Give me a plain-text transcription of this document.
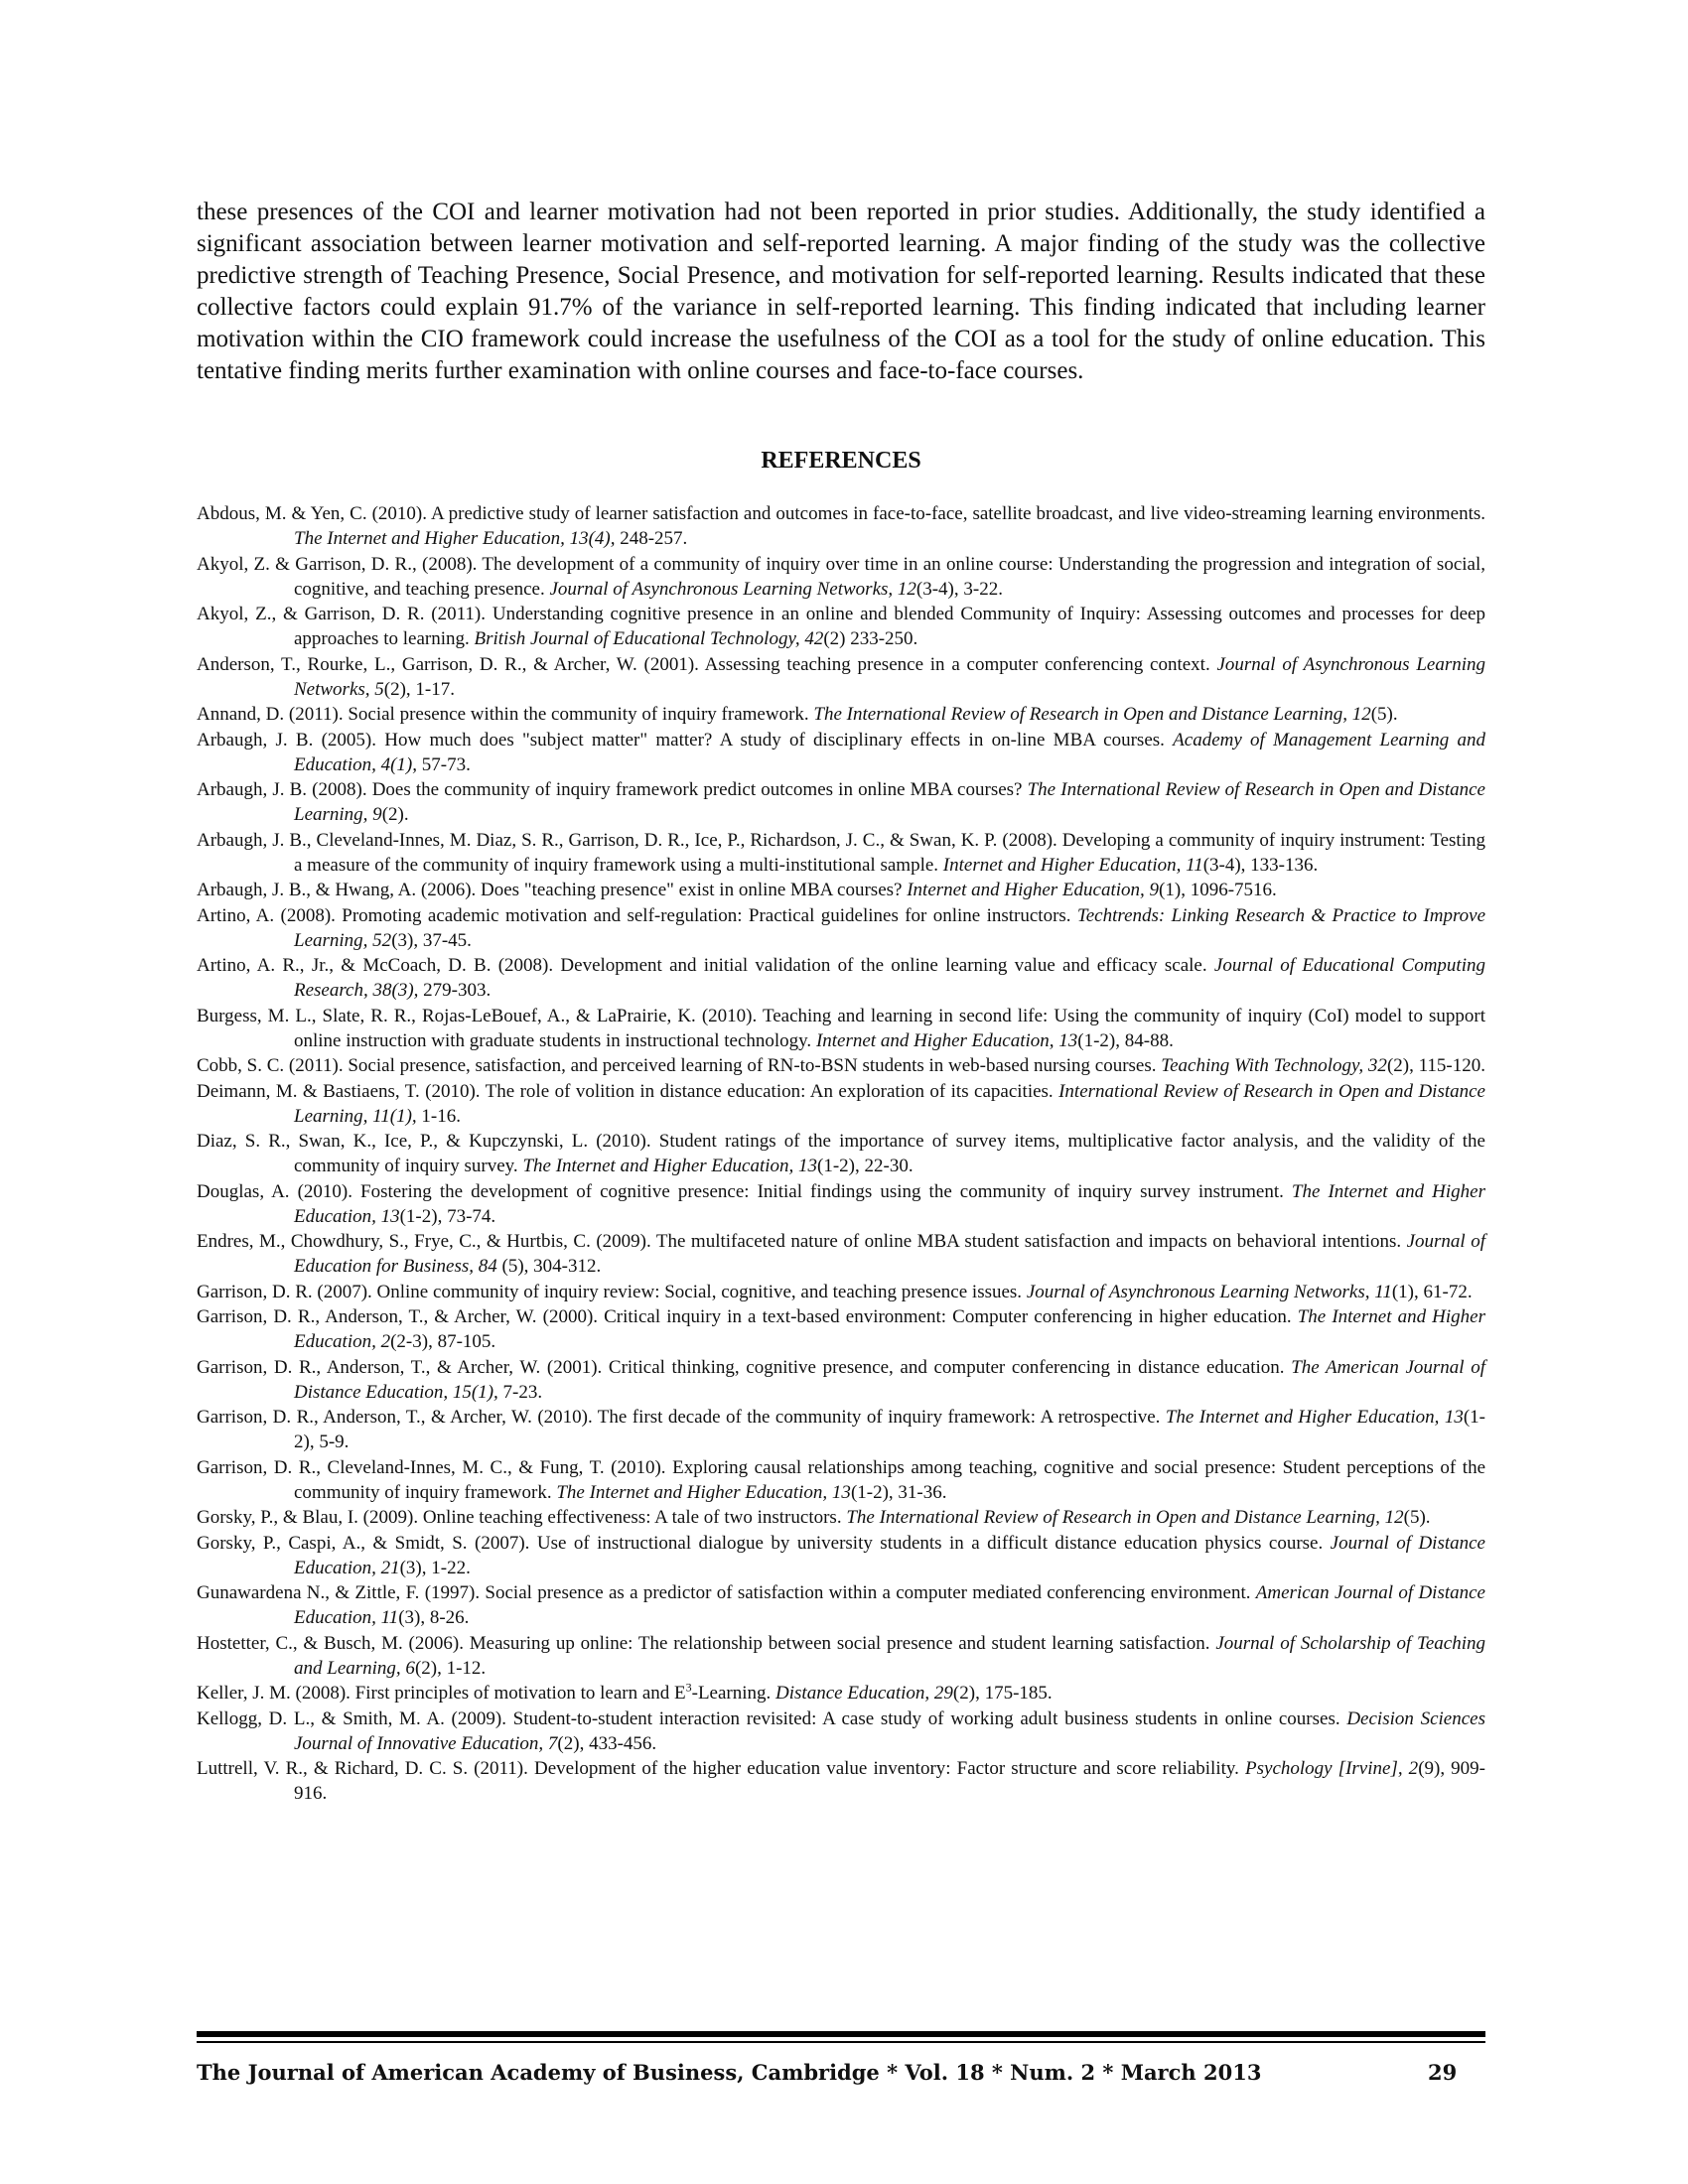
these presences of the COI and learner motivation had not been reported in prior studies. Additionally, the study identified a significant association between learner motivation and self-reported learning. A major finding of the study was the collective predictive strength of Teaching Presence, Social Presence, and motivation for self-reported learning. Results indicated that these collective factors could explain 91.7% of the variance in self-reported learning. This finding indicated that including learner motivation within the CIO framework could increase the usefulness of the COI as a tool for the study of online education. This tentative finding merits further examination with online courses and face-to-face courses.

REFERENCES
Abdous, M. & Yen, C. (2010). A predictive study of learner satisfaction and outcomes in face-to-face, satellite broadcast, and live video-streaming learning environments. The Internet and Higher Education, 13(4), 248-257.
Akyol, Z. & Garrison, D. R., (2008). The development of a community of inquiry over time in an online course: Understanding the progression and integration of social, cognitive, and teaching presence. Journal of Asynchronous Learning Networks, 12(3-4), 3-22.
Akyol, Z., & Garrison, D. R. (2011). Understanding cognitive presence in an online and blended Community of Inquiry: Assessing outcomes and processes for deep approaches to learning. British Journal of Educational Technology, 42(2) 233-250.
Anderson, T., Rourke, L., Garrison, D. R., & Archer, W. (2001). Assessing teaching presence in a computer conferencing context. Journal of Asynchronous Learning Networks, 5(2), 1-17.
Annand, D. (2011). Social presence within the community of inquiry framework. The International Review of Research in Open and Distance Learning, 12(5).
Arbaugh, J. B. (2005). How much does "subject matter" matter? A study of disciplinary effects in on-line MBA courses. Academy of Management Learning and Education, 4(1), 57-73.
Arbaugh, J. B. (2008). Does the community of inquiry framework predict outcomes in online MBA courses? The International Review of Research in Open and Distance Learning, 9(2).
Arbaugh, J. B., Cleveland-Innes, M. Diaz, S. R., Garrison, D. R., Ice, P., Richardson, J. C., & Swan, K. P. (2008). Developing a community of inquiry instrument: Testing a measure of the community of inquiry framework using a multi-institutional sample. Internet and Higher Education, 11(3-4), 133-136.
Arbaugh, J. B., & Hwang, A. (2006). Does "teaching presence" exist in online MBA courses? Internet and Higher Education, 9(1), 1096-7516.
Artino, A. (2008). Promoting academic motivation and self-regulation: Practical guidelines for online instructors. Techtrends: Linking Research & Practice to Improve Learning, 52(3), 37-45.
Artino, A. R., Jr., & McCoach, D. B. (2008). Development and initial validation of the online learning value and efficacy scale. Journal of Educational Computing Research, 38(3), 279-303.
Burgess, M. L., Slate, R. R., Rojas-LeBouef, A., & LaPrairie, K. (2010). Teaching and learning in second life: Using the community of inquiry (CoI) model to support online instruction with graduate students in instructional technology. Internet and Higher Education, 13(1-2), 84-88.
Cobb, S. C. (2011). Social presence, satisfaction, and perceived learning of RN-to-BSN students in web-based nursing courses. Teaching With Technology, 32(2), 115-120.
Deimann, M. & Bastiaens, T. (2010). The role of volition in distance education: An exploration of its capacities. International Review of Research in Open and Distance Learning, 11(1), 1-16.
Diaz, S. R., Swan, K., Ice, P., & Kupczynski, L. (2010). Student ratings of the importance of survey items, multiplicative factor analysis, and the validity of the community of inquiry survey. The Internet and Higher Education, 13(1-2), 22-30.
Douglas, A. (2010). Fostering the development of cognitive presence: Initial findings using the community of inquiry survey instrument. The Internet and Higher Education, 13(1-2), 73-74.
Endres, M., Chowdhury, S., Frye, C., & Hurtbis, C. (2009). The multifaceted nature of online MBA student satisfaction and impacts on behavioral intentions. Journal of Education for Business, 84 (5), 304-312.
Garrison, D. R. (2007). Online community of inquiry review: Social, cognitive, and teaching presence issues. Journal of Asynchronous Learning Networks, 11(1), 61-72.
Garrison, D. R., Anderson, T., & Archer, W. (2000). Critical inquiry in a text-based environment: Computer conferencing in higher education. The Internet and Higher Education, 2(2-3), 87-105.
Garrison, D. R., Anderson, T., & Archer, W. (2001). Critical thinking, cognitive presence, and computer conferencing in distance education. The American Journal of Distance Education, 15(1), 7-23.
Garrison, D. R., Anderson, T., & Archer, W. (2010). The first decade of the community of inquiry framework: A retrospective. The Internet and Higher Education, 13(1-2), 5-9.
Garrison, D. R., Cleveland-Innes, M. C., & Fung, T. (2010). Exploring causal relationships among teaching, cognitive and social presence: Student perceptions of the community of inquiry framework. The Internet and Higher Education, 13(1-2), 31-36.
Gorsky, P., & Blau, I. (2009). Online teaching effectiveness: A tale of two instructors. The International Review of Research in Open and Distance Learning, 12(5).
Gorsky, P., Caspi, A., & Smidt, S. (2007). Use of instructional dialogue by university students in a difficult distance education physics course. Journal of Distance Education, 21(3), 1-22.
Gunawardena N., & Zittle, F. (1997). Social presence as a predictor of satisfaction within a computer mediated conferencing environment. American Journal of Distance Education, 11(3), 8-26.
Hostetter, C., & Busch, M. (2006). Measuring up online: The relationship between social presence and student learning satisfaction. Journal of Scholarship of Teaching and Learning, 6(2), 1-12.
Keller, J. M. (2008). First principles of motivation to learn and $E^3$-Learning. Distance Education, 29(2), 175-185.
Kellogg, D. L., & Smith, M. A. (2009). Student-to-student interaction revisited: A case study of working adult business students in online courses. Decision Sciences Journal of Innovative Education, 7(2), 433-456.
Luttrell, V. R., & Richard, D. C. S. (2011). Development of the higher education value inventory: Factor structure and score reliability. Psychology [Irvine], 2(9), 909-916.
The Journal of American Academy of Business, Cambridge * Vol. 18 * Num. 2 * March 2013	29
